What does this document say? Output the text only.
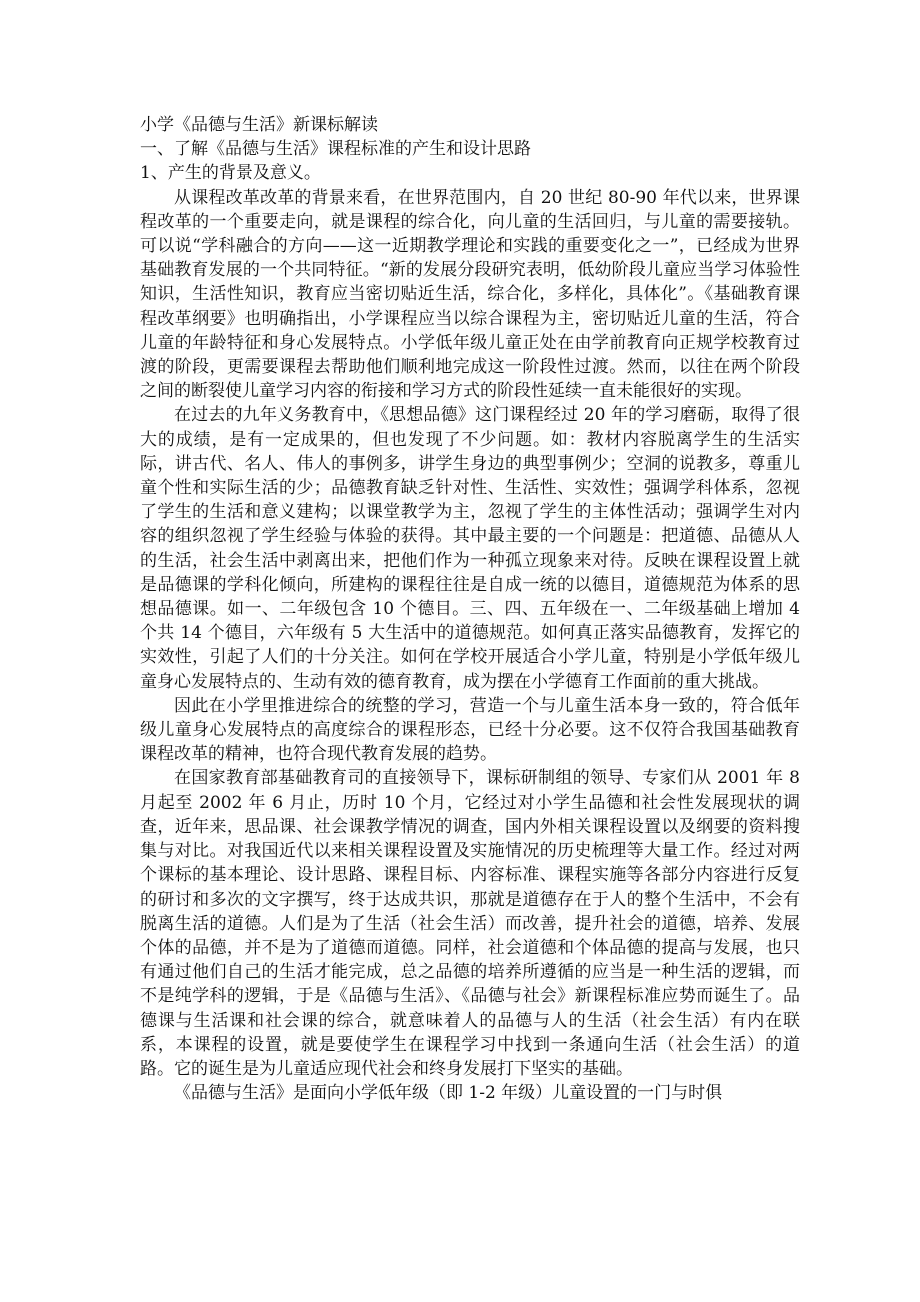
小学《品德与生活》新课标解读

一、了解《品德与生活》课程标准的产生和设计思路

1、产生的背景及意义。

从课程改革改革的背景来看，在世界范围内，自 20 世纪 80-90 年代以来，世界课程改革的一个重要走向，就是课程的综合化，向儿童的生活回归，与儿童的需要接轨。可以说“学科融合的方向——这一近期教学理论和实践的重要变化之一”，已经成为世界基础教育发展的一个共同特征。“新的发展分段研究表明，低幼阶段儿童应当学习体验性知识，生活性知识，教育应当密切贴近生活，综合化，多样化，具体化”。《基础教育课程改革纲要》也明确指出，小学课程应当以综合课程为主，密切贴近儿童的生活，符合儿童的年龄特征和身心发展特点。小学低年级儿童正处在由学前教育向正规学校教育过渡的阶段，更需要课程去帮助他们顺利地完成这一阶段性过渡。然而，以往在两个阶段之间的断裂使儿童学习内容的衔接和学习方式的阶段性延续一直未能很好的实现。

在过去的九年义务教育中，《思想品德》这门课程经过 20 年的学习磨砺，取得了很大的成绩，是有一定成果的，但也发现了不少问题。如：教材内容脱离学生的生活实际，讲古代、名人、伟人的事例多，讲学生身边的典型事例少；空洞的说教多，尊重儿童个性和实际生活的少；品德教育缺乏针对性、生活性、实效性；强调学科体系，忽视了学生的生活和意义建构；以课堂教学为主，忽视了学生的主体性活动；强调学生对内容的组织忽视了学生经验与体验的获得。其中最主要的一个问题是：把道德、品德从人的生活，社会生活中剥离出来，把他们作为一种孤立现象来对待。反映在课程设置上就是品德课的学科化倾向，所建构的课程往往是自成一统的以德目，道德规范为体系的思想品德课。如一、二年级包含 10 个德目。三、四、五年级在一、二年级基础上增加 4 个共 14 个德目，六年级有 5 大生活中的道德规范。如何真正落实品德教育，发挥它的实效性，引起了人们的十分关注。如何在学校开展适合小学儿童，特别是小学低年级儿童身心发展特点的、生动有效的德育教育，成为摆在小学德育工作面前的重大挑战。

因此在小学里推进综合的统整的学习，营造一个与儿童生活本身一致的，符合低年级儿童身心发展特点的高度综合的课程形态，已经十分必要。这不仅符合我国基础教育课程改革的精神，也符合现代教育发展的趋势。

在国家教育部基础教育司的直接领导下，课标研制组的领导、专家们从 2001 年 8 月起至 2002 年 6 月止，历时 10 个月，它经过对小学生品德和社会性发展现状的调查，近年来，思品课、社会课教学情况的调查，国内外相关课程设置以及纲要的资料搜集与对比。对我国近代以来相关课程设置及实施情况的历史梳理等大量工作。经过对两个课标的基本理论、设计思路、课程目标、内容标准、课程实施等各部分内容进行反复的研讨和多次的文字撰写，终于达成共识，那就是道德存在于人的整个生活中，不会有脱离生活的道德。人们是为了生活（社会生活）而改善，提升社会的道德，培养、发展个体的品德，并不是为了道德而道德。同样，社会道德和个体品德的提高与发展，也只有通过他们自己的生活才能完成，总之品德的培养所遵循的应当是一种生活的逻辑，而不是纯学科的逻辑，于是《品德与生活》、《品德与社会》新课程标准应势而诞生了。品德课与生活课和社会课的综合，就意味着人的品德与人的生活（社会生活）有内在联系，本课程的设置，就是要使学生在课程学习中找到一条通向生活（社会生活）的道路。它的诞生是为儿童适应现代社会和终身发展打下坚实的基础。

《品德与生活》是面向小学低年级（即 1-2 年级）儿童设置的一门与时俱
